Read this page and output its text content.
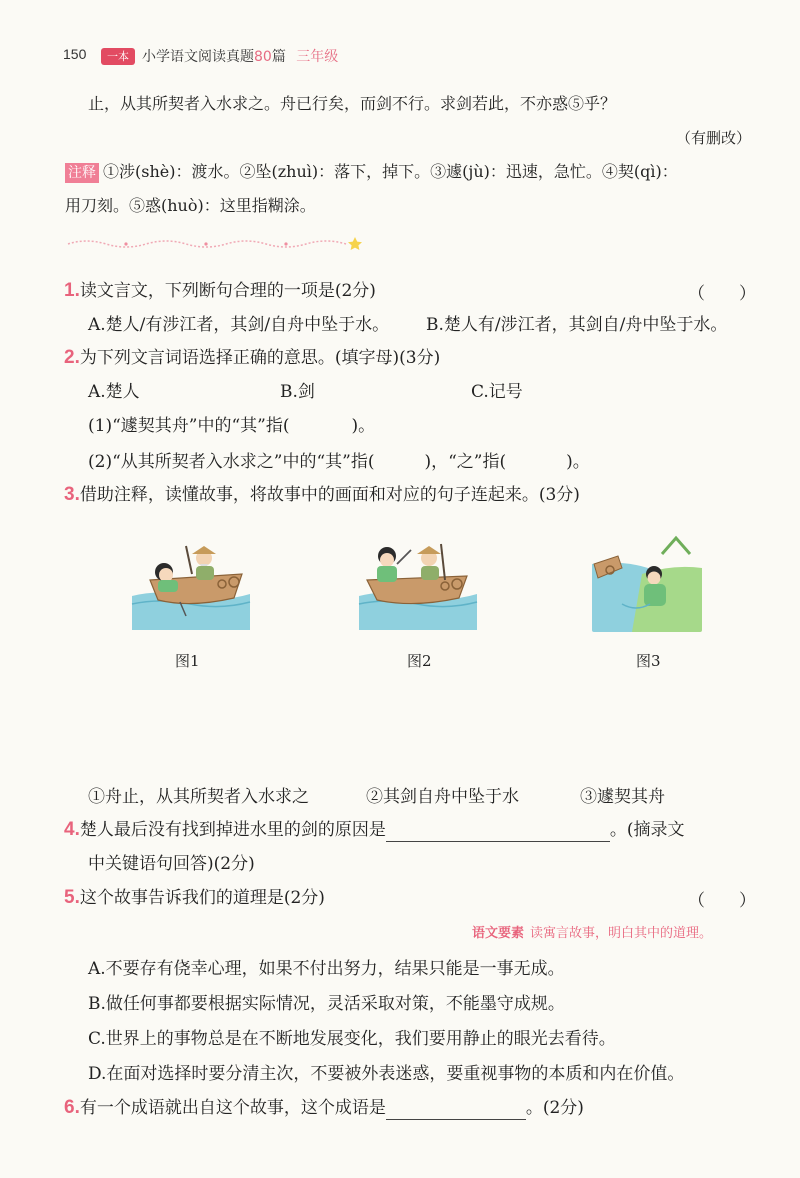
150	一本 小学语文阅读真题80篇 三年级
止，从其所契者入水求之。舟已行矣，而剑不行。求剑若此，不亦惑⑤乎？
（有删改）
注释 ①涉(shè)：渡水。②坠(zhuì)：落下，掉下。③遽(jù)：迅速，急忙。④契(qì)：
用刀刻。⑤惑(huò)：这里指糊涂。
1.读文言文，下列断句合理的一项是(2分)	（　　）
A.楚人/有涉江者，其剑/自舟中坠于水。 B.楚人有/涉江者，其剑自/舟中坠于水。
2.为下列文言词语选择正确的意思。(填字母)(3分)
A.楚人	B.剑	C.记号
(1)“遽契其舟”中的“其”指(	)。
(2)“从其所契者入水求之”中的“其”指(	)，“之”指(	)。
3.借助注释，读懂故事，将故事中的画面和对应的句子连起来。(3分)
图1	图2	图3
①舟止，从其所契者入水求之	②其剑自舟中坠于水	③遽契其舟
4.楚人最后没有找到掉进水里的剑的原因是	。(摘录文
中关键语句回答)(2分)
5.这个故事告诉我们的道理是(2分)	（　　）
语文要素 读寓言故事，明白其中的道理。
A.不要存有侥幸心理，如果不付出努力，结果只能是一事无成。
B.做任何事都要根据实际情况，灵活采取对策，不能墨守成规。
C.世界上的事物总是在不断地发展变化，我们要用静止的眼光去看待。
D.在面对选择时要分清主次，不要被外表迷惑，要重视事物的本质和内在价值。
6.有一个成语就出自这个故事，这个成语是	。(2分)
